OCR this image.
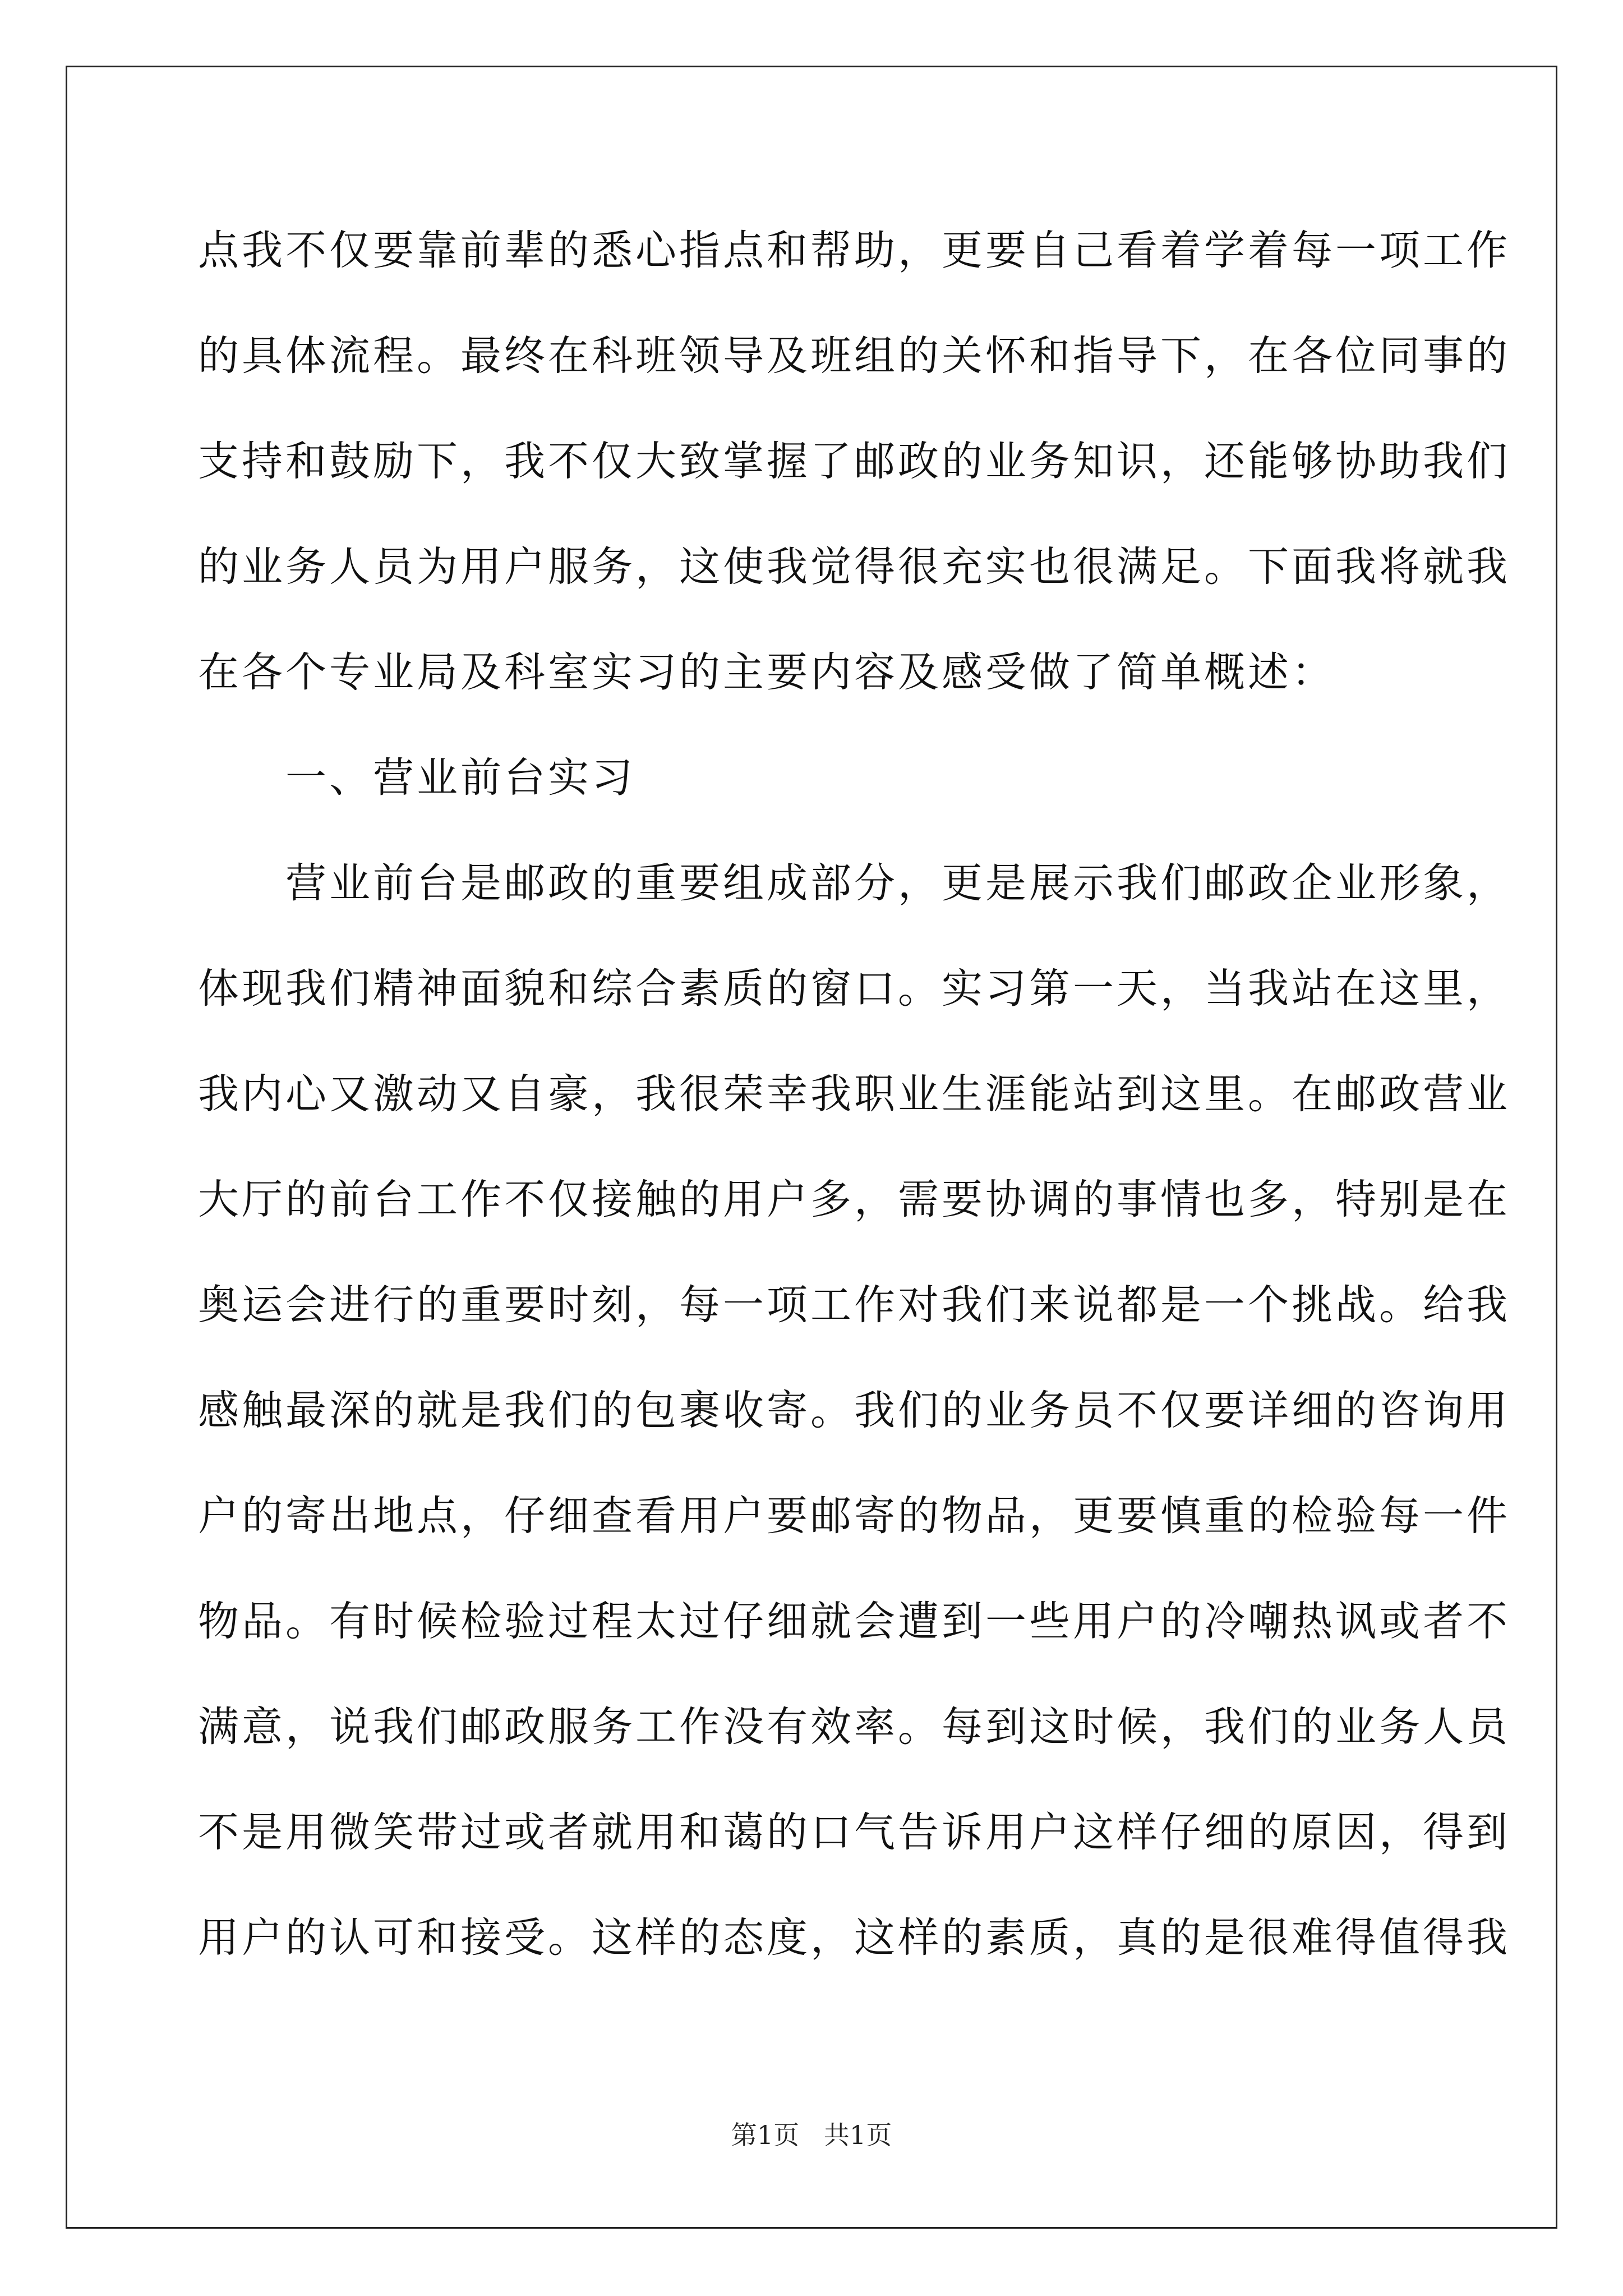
点我不仅要靠前辈的悉心指点和帮助，更要自己看着学着每一项工作
的具体流程。最终在科班领导及班组的关怀和指导下，在各位同事的
支持和鼓励下，我不仅大致掌握了邮政的业务知识，还能够协助我们
的业务人员为用户服务，这使我觉得很充实也很满足。下面我将就我
在各个专业局及科室实习的主要内容及感受做了简单概述：
　　一、营业前台实习
　　营业前台是邮政的重要组成部分，更是展示我们邮政企业形象，
体现我们精神面貌和综合素质的窗口。实习第一天，当我站在这里，
我内心又激动又自豪，我很荣幸我职业生涯能站到这里。在邮政营业
大厅的前台工作不仅接触的用户多，需要协调的事情也多，特别是在
奥运会进行的重要时刻，每一项工作对我们来说都是一个挑战。给我
感触最深的就是我们的包裹收寄。我们的业务员不仅要详细的咨询用
户的寄出地点，仔细查看用户要邮寄的物品，更要慎重的检验每一件
物品。有时候检验过程太过仔细就会遭到一些用户的冷嘲热讽或者不
满意，说我们邮政服务工作没有效率。每到这时候，我们的业务人员
不是用微笑带过或者就用和蔼的口气告诉用户这样仔细的原因，得到
用户的认可和接受。这样的态度，这样的素质，真的是很难得值得我
第1页   共1页
